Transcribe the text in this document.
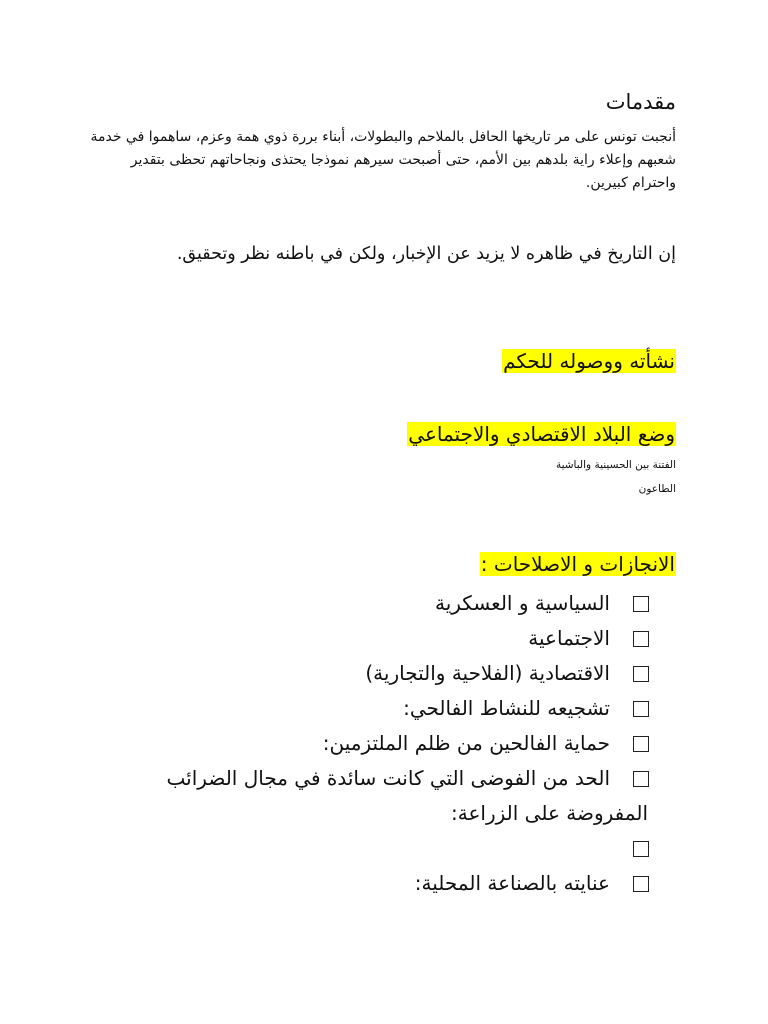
مقدمات
أنجبت تونس على مر تاريخها الحافل بالملاحم والبطولات، أبناء بررة ذوي همة وعزم، ساهموا في خدمة شعبهم وإعلاء راية بلدهم بين الأمم، حتى أصبحت سيرهم نموذجا يحتذى ونجاحاتهم تحظى بتقدير واحترام كبيرين.
إن التاريخ في ظاهره لا يزيد عن الإخبار، ولكن في باطنه نظر وتحقيق.
نشأته ووصوله للحكم
وضع البلاد الاقتصادي والاجتماعي
الفتنة بين الحسينية والباشية
الطاعون
الانجازات و الاصلاحات :
السياسية و العسكرية
الاجتماعية
الاقتصادية (الفلاحية والتجارية)
تشجيعه للنشاط الفالحي:
حماية الفالحين من ظلم الملتزمين:
الحد من الفوضى التي كانت سائدة في مجال الضرائب
المفروضة على الزراعة:
عنايته بالصناعة المحلية:
